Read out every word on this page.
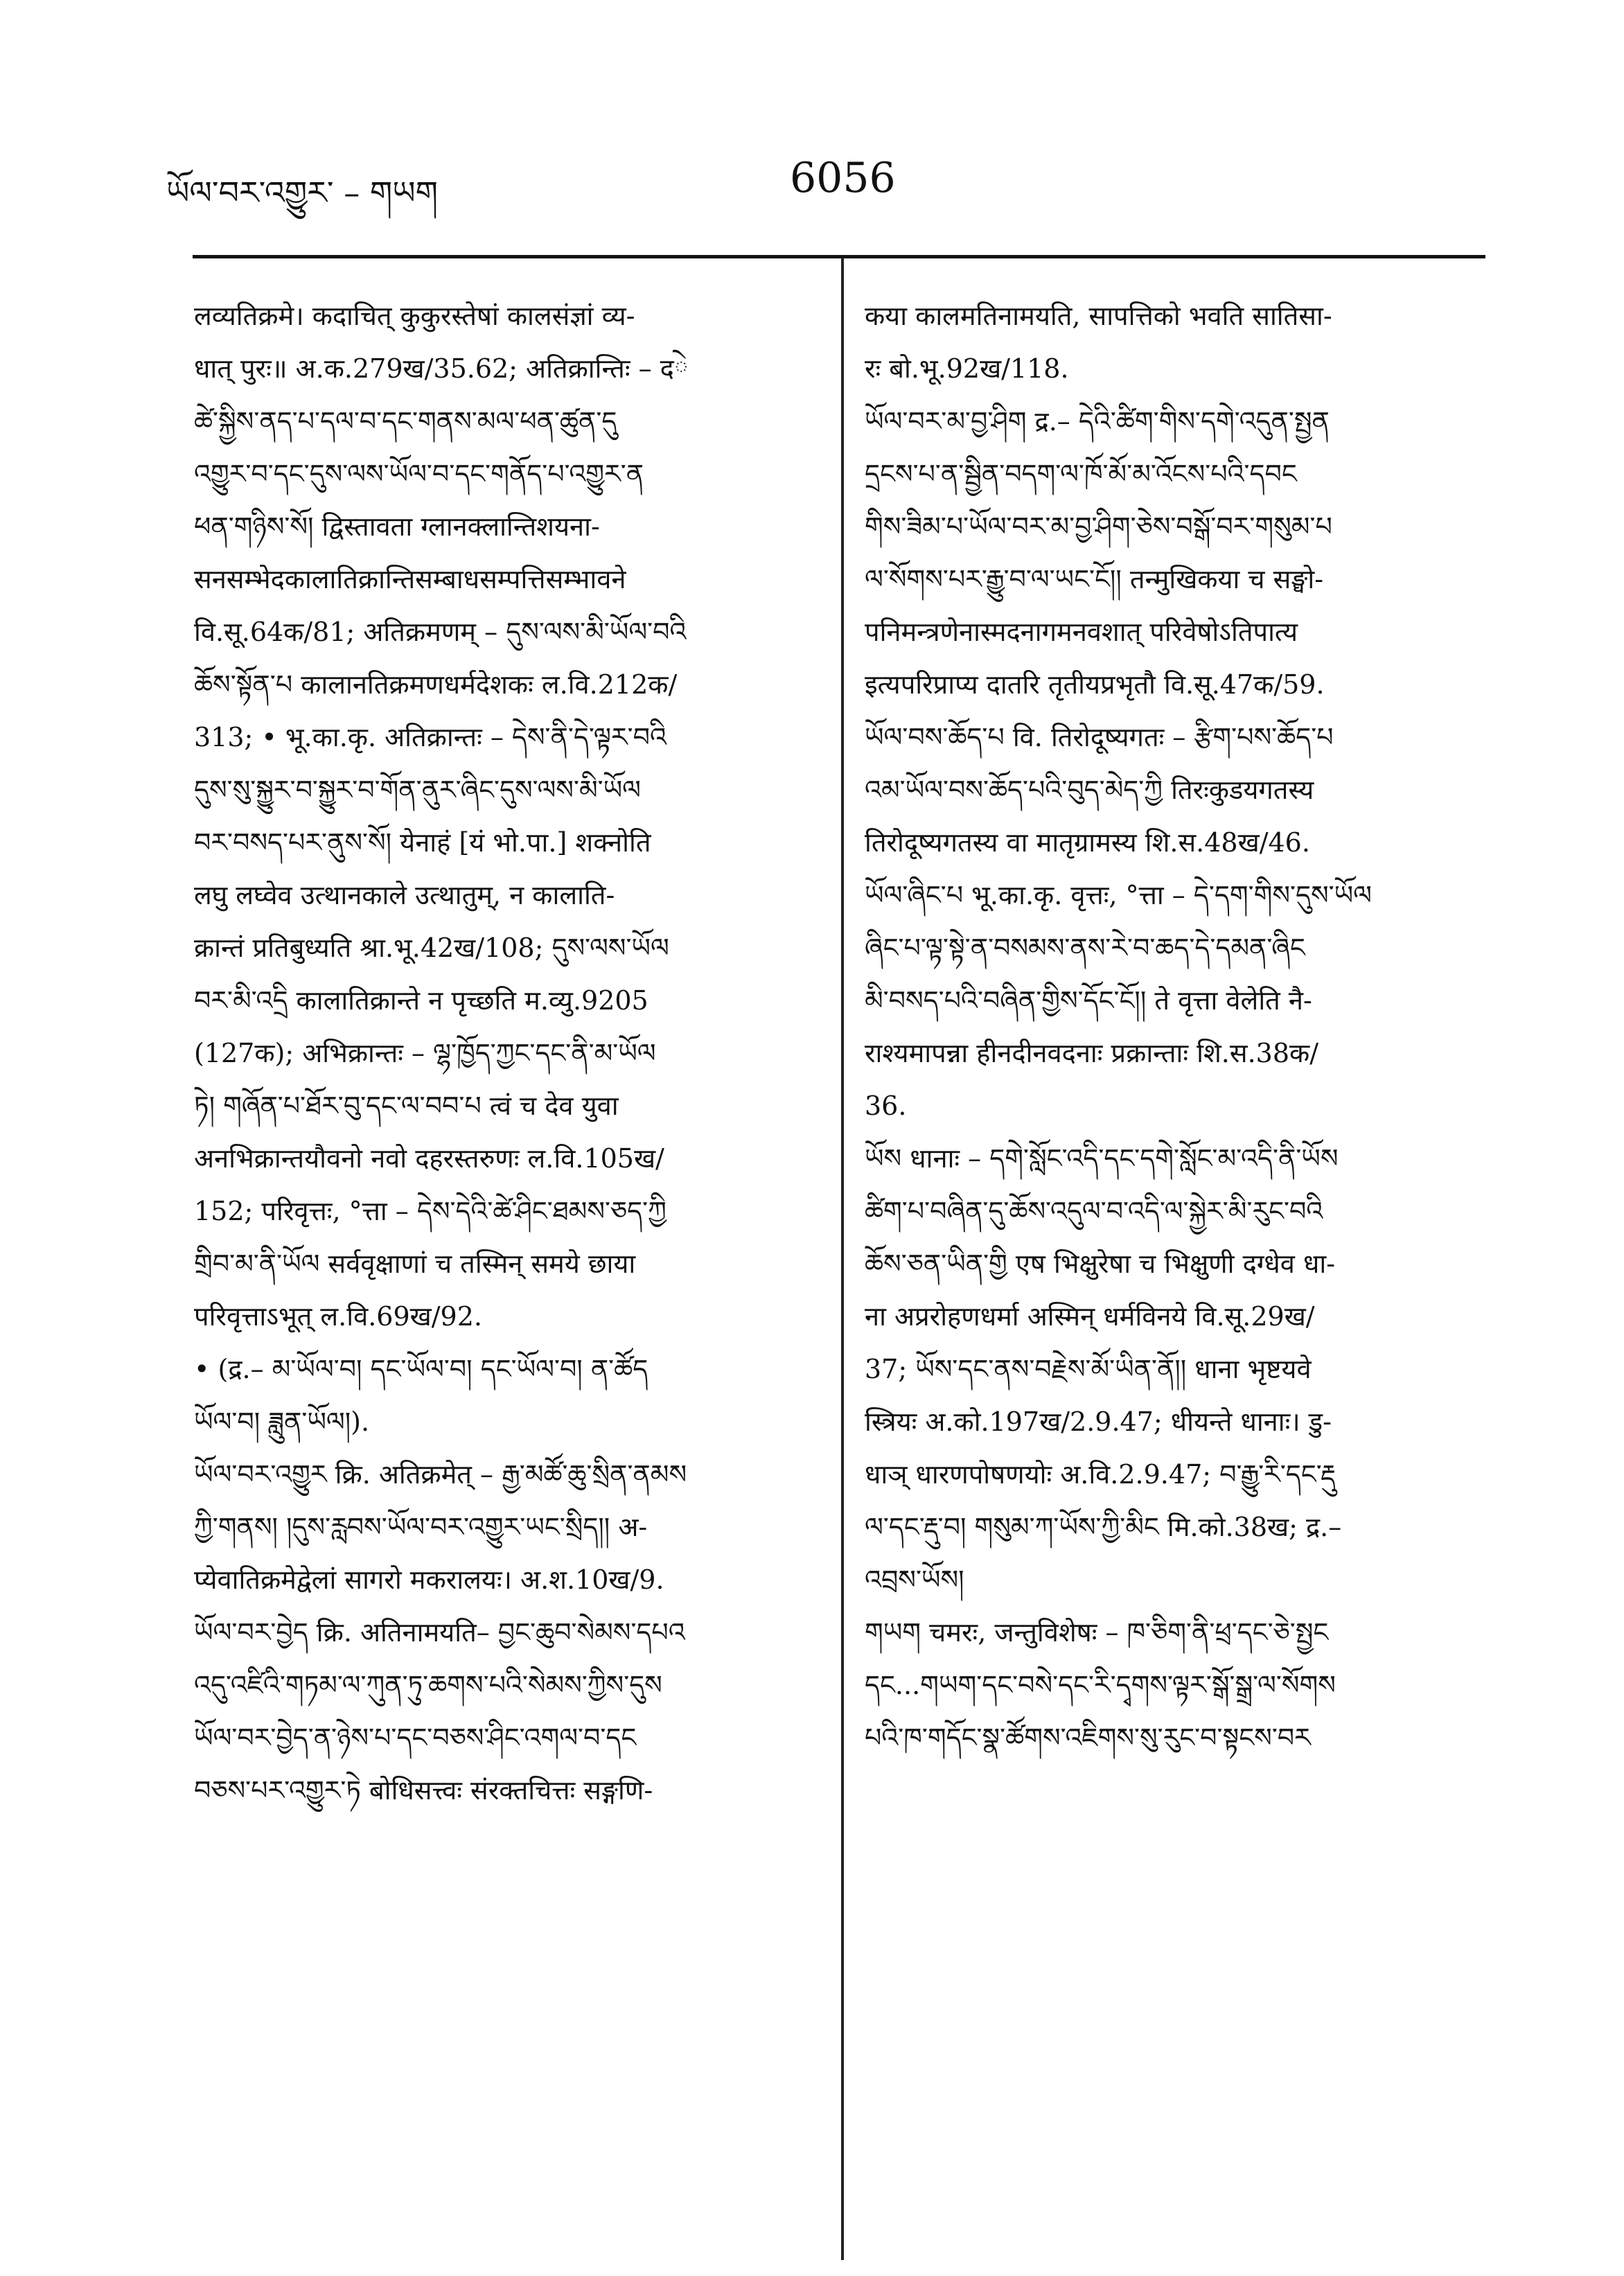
ཡོལ་བར་འགྱུར་ – གཡག	6056
लव्यतिक्रमे। कदाचित् कुकुरस्तेषां कालसंज्ञां व्य-
धात् पुरः॥ अ.क.279ख/35.62; अतिक्रान्तिः – दེ
ཚེ་སྐྱིས་ནད་པ་དལ་བ་དང་གནས་མལ་ཕན་ཚུན་དུ
འགྱུར་བ་དང་དུས་ལས་ཡོལ་བ་དང་གནོད་པ་འགྱུར་ན
ཕན་གཉིས་སོ། द्विस्तावता ग्लानक्लान्तिशयना-
सनसम्भेदकालातिक्रान्तिसम्बाधसम्पत्तिसम्भावने
वि.सू.64क/81; अतिक्रमणम् – དུས་ལས་མི་ཡོལ་བའི
ཆོས་སྟོན་པ कालानतिक्रमणधर्मदेशकः ल.वि.212क/
313; • भू.का.कृ. अतिक्रान्तः – དེས་ནི་དེ་ལྟར་བའི
དུས་སུ་སྐྱུར་བ་སྐྱུར་བ་གོན་ནུར་ཞིང་དུས་ལས་མི་ཡོལ
བར་བསད་པར་ནུས་སོ། येनाहं [यं भो.पा.] शक्नोति
लघु लघ्वेव उत्थानकाले उत्थातुम्, न कालाति-
क्रान्तं प्रतिबुध्यति श्रा.भू.42ख/108; དུས་ལས་ཡོལ
བར་མི་འདྲི कालातिक्रान्ते न पृच्छति म.व्यु.9205
(127क); अभिक्रान्तः – ལྷ་ཁྱོད་ཀྱང་དང་ནི་མ་ཡོལ
ཏེ། གཞོན་པ་ཐོར་བུ་དང་ལ་བབ་པ त्वं च देव युवा
अनभिक्रान्तयौवनो नवो दहरस्तरुणः ल.वि.105ख/
152; परिवृत्तः, °त्ता – དེས་དེའི་ཚེ་ཤིང་ཐམས་ཅད་ཀྱི
གྲིབ་མ་ནི་ཡོལ सर्ववृक्षाणां च तस्मिन् समये छाया
परिवृत्ताऽभूत् ल.वि.69ख/92.
• (द्र.– མ་ཡོལ་བ། དང་ཡོལ་བ། དང་ཡོལ་བ། ན་ཚོད
ཡོལ་བ། ཟླུན་ཡོལ།).
ཡོལ་བར་འགྱུར क्रि. अतिक्रमेत् – རྒྱ་མཚོ་ཆུ་སྲིན་ནམས
ཀྱི་གནས། །དུས་རླབས་ཡོལ་བར་འགྱུར་ཡང་སྲིད།། अ-
प्येवातिक्रमेद्वेलां सागरो मकरालयः। अ.श.10ख/9.
ཡོལ་བར་བྱེད क्रि. अतिनामयति– བྱང་ཆུབ་སེམས་དཔའ
འདུ་འཛིའི་གཏམ་ལ་ཀུན་ཏུ་ཆགས་པའི་སེམས་ཀྱིས་དུས
ཡོལ་བར་བྱེད་ན་ཉེས་པ་དང་བཅས་ཤིང་འགལ་བ་དང
བཅས་པར་འགྱུར་ཏེ बोधिसत्त्वः संरक्तचित्तः सङ्गणि-
कया कालमतिनामयति, सापत्तिको भवति सातिसा-
रः बो.भू.92ख/118.
ཡོལ་བར་མ་བྱ་ཤིག द्र.– དེའི་ཚིག་གིས་དགེ་འདུན་སྤྱན
དྲངས་པ་ན་སྦྱིན་བདག་ལ་ཁོ་མོ་མ་འོངས་པའི་དབང
གིས་ཟིམ་པ་ཡོལ་བར་མ་བྱ་ཤིག་ཅེས་བསྒོ་བར་གསུམ་པ
ལ་སོགས་པར་རྒྱུ་བ་ལ་ཡང་ངོ།། तन्मुखिकया च सङ्घो-
पनिमन्त्रणेनास्मदनागमनवशात् परिवेषोऽतिपात्य
इत्यपरिप्राप्य दातरि तृतीयप्रभृतौ वि.सू.47क/59.
ཡོལ་བས་ཆོད་པ वि. तिरोदूष्यगतः – རྩིག་པས་ཆོད་པ
འམ་ཡོལ་བས་ཆོད་པའི་བུད་མེད་ཀྱི तिरःकुडयगतस्य
तिरोदूष्यगतस्य वा मातृग्रामस्य शि.स.48ख/46.
ཡོལ་ཞིང་པ भू.का.कृ. वृत्तः, °त्ता – དེ་དག་གིས་དུས་ཡོལ
ཞིང་པ་ལྟ་སྟེ་ན་བསམས་ནས་རེ་བ་ཆད་དེ་དམན་ཞིང
མི་བསད་པའི་བཞིན་གྱིས་དོང་ངོ།། ते वृत्ता वेलेति नै-
राश्यमापन्ना हीनदीनवदनाः प्रक्रान्ताः शि.स.38क/
36.
ཡོས धानाः – དགེ་སློང་འདི་དང་དགེ་སློང་མ་འདི་ནི་ཡོས
ཚིག་པ་བཞིན་དུ་ཆོས་འདུལ་བ་འདི་ལ་སྐྱེར་མི་རུང་བའི
ཆོས་ཅན་ཡིན་གྱི एष भिक्षुरेषा च भिक्षुणी दग्धेव धा-
ना अप्ररोहणधर्मा अस्मिन् धर्मविनये वि.सू.29ख/
37; ཡོས་དང་ནས་བརྗེས་མོ་ཡིན་ནོ།། धाना भृष्टयवे
स्त्रियः अ.को.197ख/2.9.47; धीयन्ते धानाः। डु-
धाञ् धारणपोषणयोः अ.वि.2.9.47; བ་རྒྱུ་རི་དང་རྡུ
ལ་དང་རྡུ་བ། གསུམ་ཀ་ཡོས་ཀྱི་མིང मि.को.38ख; द्र.–
འབྲས་ཡོས།
གཡག चमरः, जन्तुविशेषः – ཁ་ཅིག་ནི་ཕྲ་དང་ཅེ་སྤྱང
དང...གཡག་དང་བསེ་དང་རི་དྭགས་ལྟར་སྒོ་སྒྲ་ལ་སོགས
པའི་ཁ་གདོང་སྣ་ཚོགས་འཇིགས་སུ་རུང་བ་སྟངས་བར
